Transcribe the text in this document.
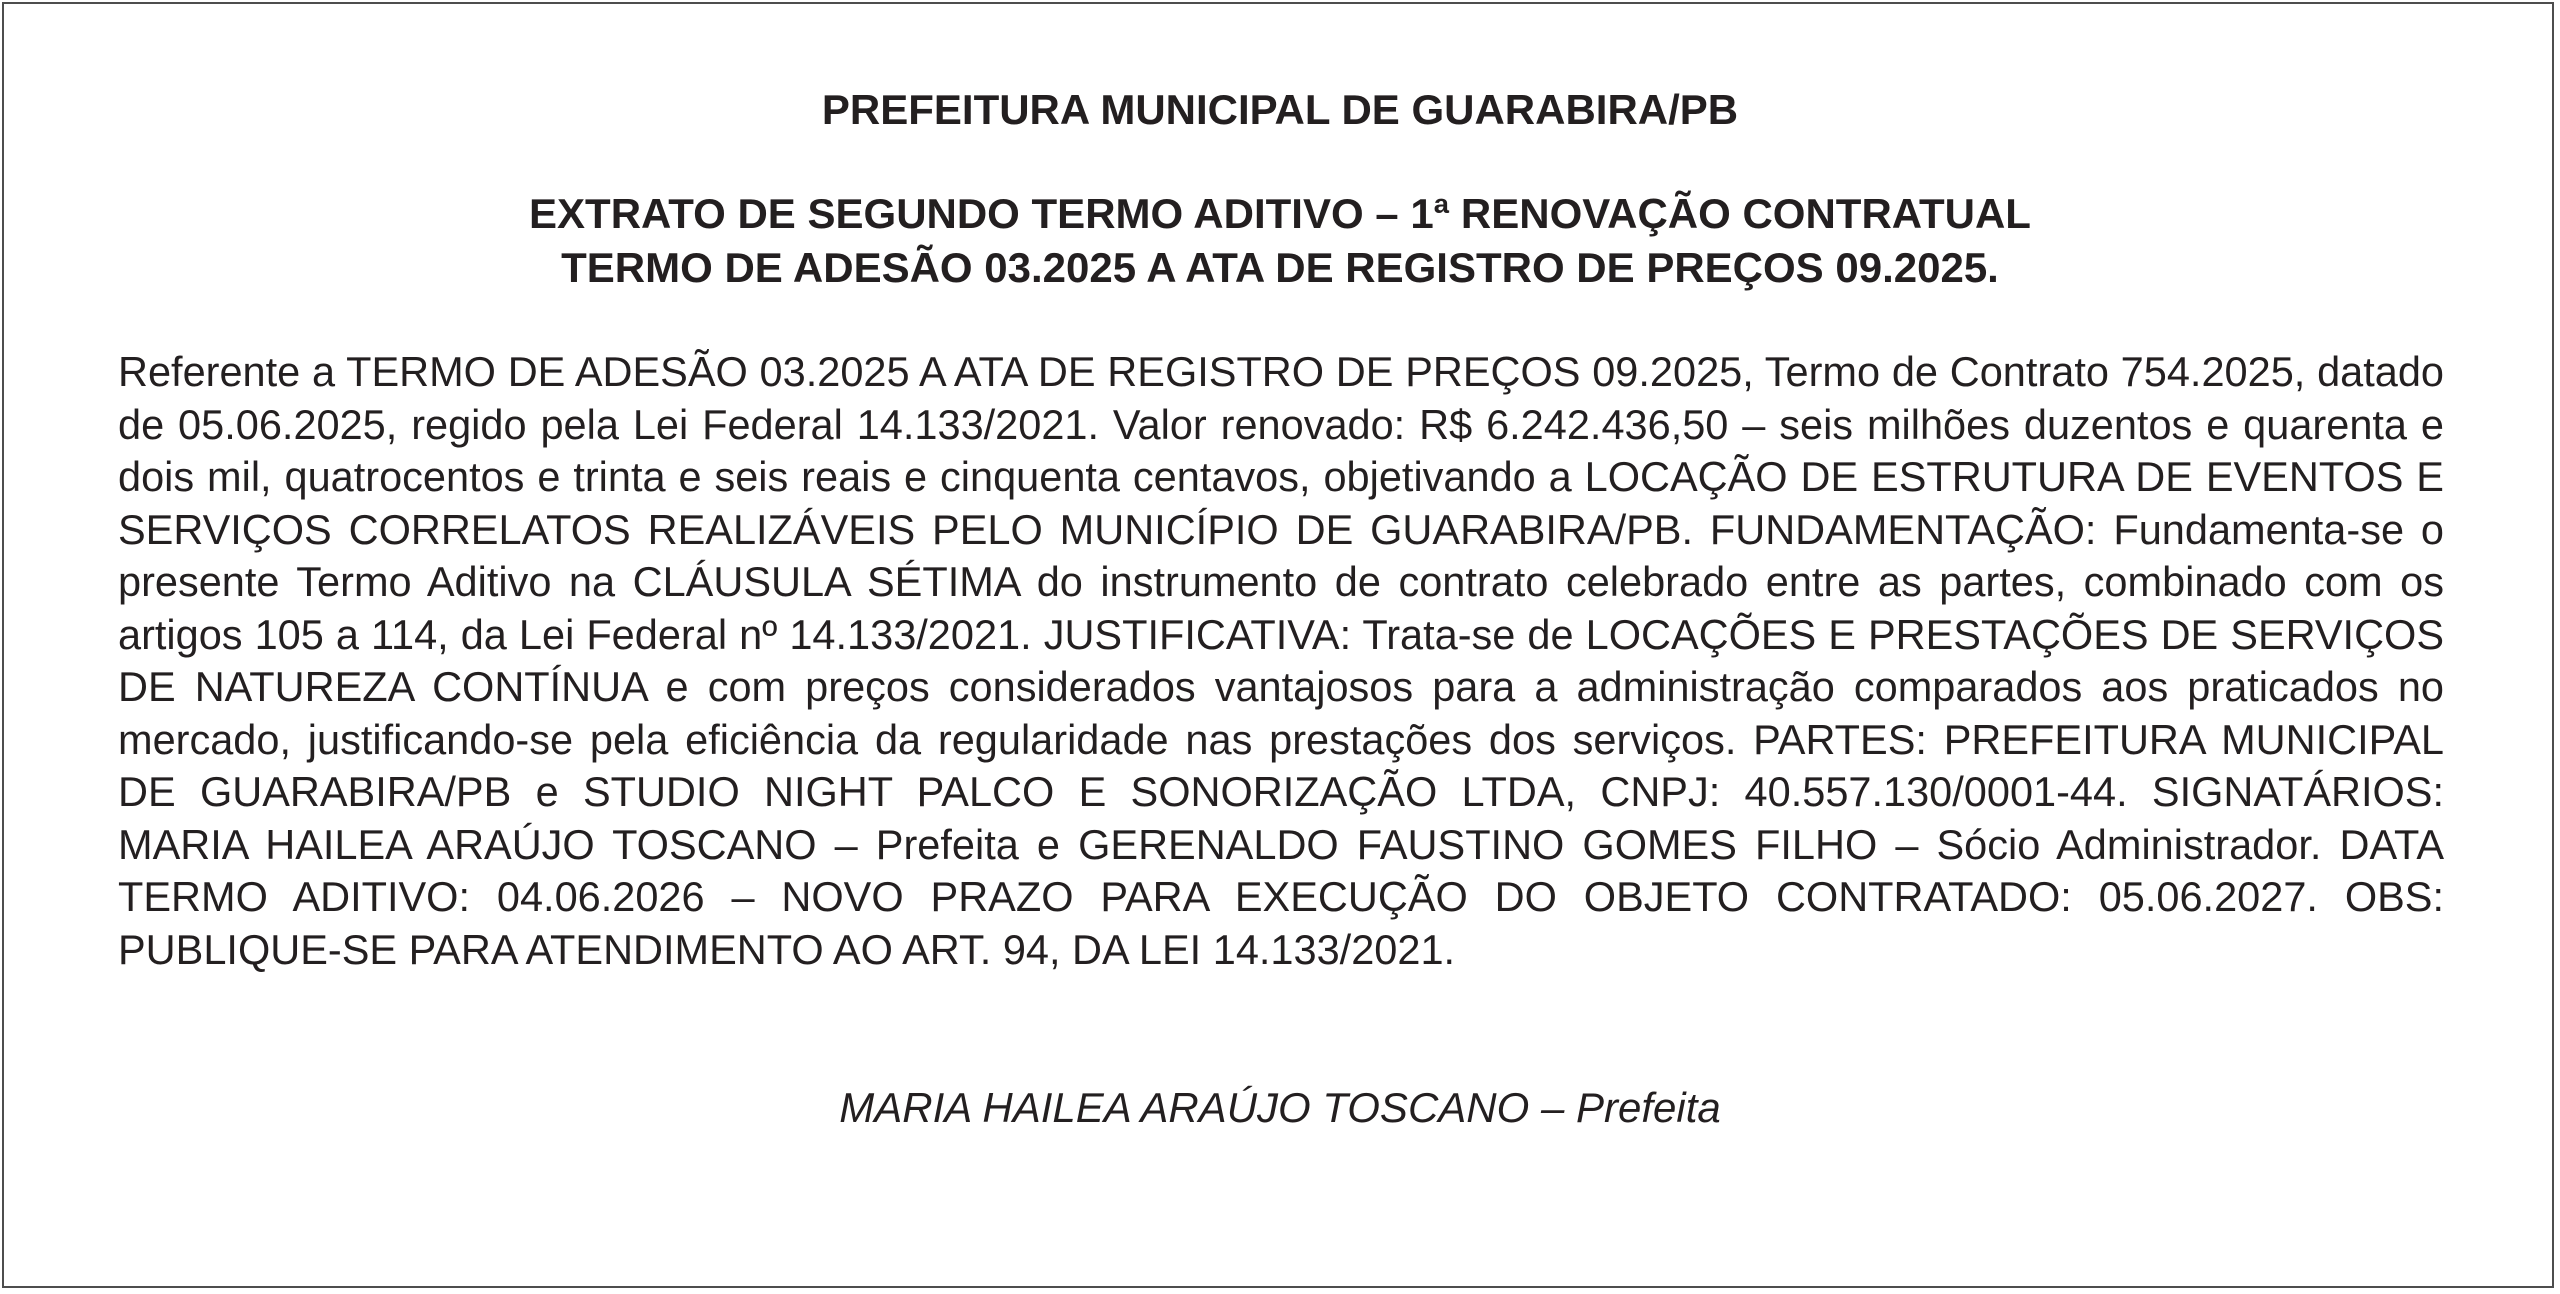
PREFEITURA MUNICIPAL DE GUARABIRA/PB
EXTRATO DE SEGUNDO TERMO ADITIVO – 1ª RENOVAÇÃO CONTRATUAL
TERMO DE ADESÃO 03.2025 A ATA DE REGISTRO DE PREÇOS 09.2025.

Referente a TERMO DE ADESÃO 03.2025 A ATA DE REGISTRO DE PREÇOS 09.2025, Termo de Contrato 754.2025, datado de 05.06.2025, regido pela Lei Federal 14.133/2021. Valor renovado: R$ 6.242.436,50 – seis milhões duzentos e quarenta e dois mil, quatrocentos e trinta e seis reais e cinquenta centavos, objetivando a LOCAÇÃO DE ESTRUTURA DE EVENTOS E SERVIÇOS CORRELATOS REALIZÁVEIS PELO MUNICÍPIO DE GUARABIRA/PB. FUNDAMENTAÇÃO: Fundamenta-se o presente Termo Aditivo na CLÁUSULA SÉTIMA do instrumento de contrato celebrado entre as partes, combinado com os artigos 105 a 114, da Lei Federal nº 14.133/2021. JUSTIFICATIVA: Trata-se de LOCAÇÕES E PRESTAÇÕES DE SERVIÇOS DE NATUREZA CONTÍNUA e com preços considerados vantajosos para a administração comparados aos praticados no mercado, justificando-se pela eficiência da regularidade nas prestações dos serviços. PARTES: PREFEITURA MUNICIPAL DE GUARABIRA/PB e STUDIO NIGHT PALCO E SONORIZAÇÃO LTDA, CNPJ: 40.557.130/0001-44. SIGNATÁRIOS: MARIA HAILEA ARAÚJO TOSCANO – Prefeita e GERENALDO FAUSTINO GOMES FILHO – Sócio Administrador. DATA TERMO ADITIVO: 04.06.2026 – NOVO PRAZO PARA EXECUÇÃO DO OBJETO CONTRATADO: 05.06.2027. OBS: PUBLIQUE-SE PARA ATENDIMENTO AO ART. 94, DA LEI 14.133/2021.

MARIA HAILEA ARAÚJO TOSCANO – Prefeita
